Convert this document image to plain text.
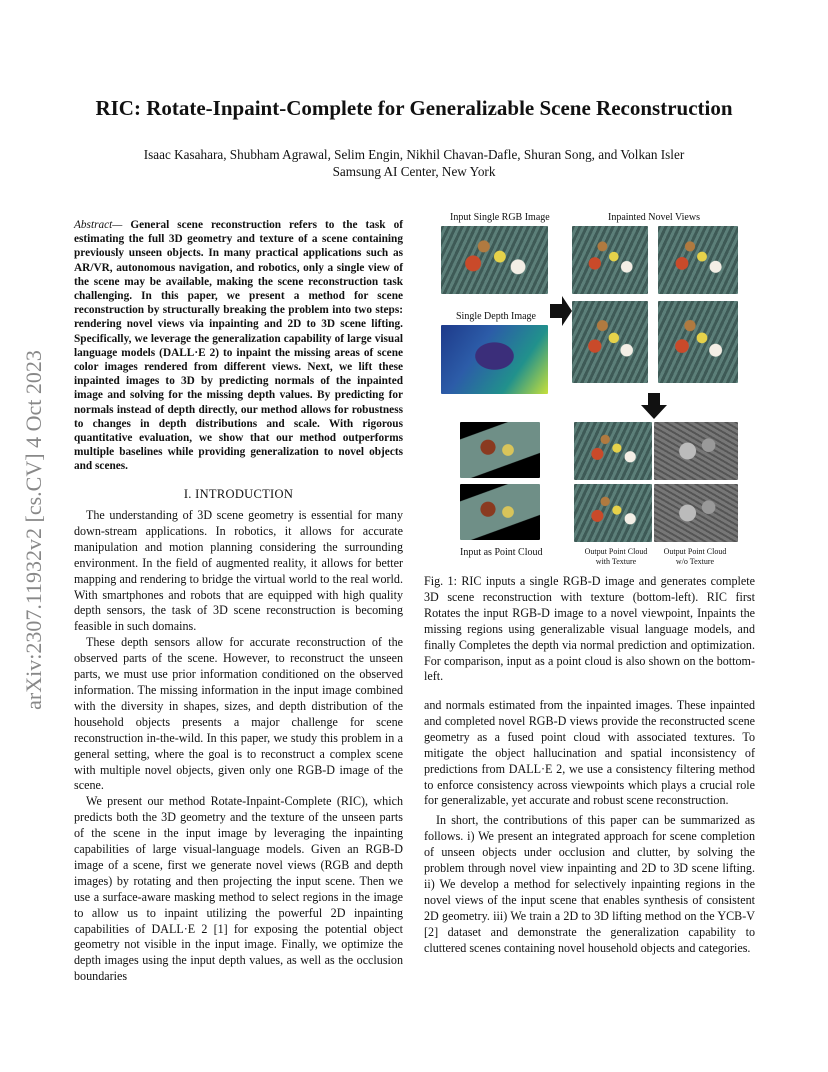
RIC: Rotate-Inpaint-Complete for Generalizable Scene Reconstruction
Isaac Kasahara, Shubham Agrawal, Selim Engin, Nikhil Chavan-Dafle, Shuran Song, and Volkan Isler
Samsung AI Center, New York
arXiv:2307.11932v2 [cs.CV] 4 Oct 2023
Abstract— General scene reconstruction refers to the task of estimating the full 3D geometry and texture of a scene containing previously unseen objects. In many practical applications such as AR/VR, autonomous navigation, and robotics, only a single view of the scene may be available, making the scene reconstruction task challenging. In this paper, we present a method for scene reconstruction by structurally breaking the problem into two steps: rendering novel views via inpainting and 2D to 3D scene lifting. Specifically, we leverage the generalization capability of large visual language models (DALL·E 2) to inpaint the missing areas of scene color images rendered from different views. Next, we lift these inpainted images to 3D by predicting normals of the inpainted image and solving for the missing depth values. By predicting for normals instead of depth directly, our method allows for robustness to changes in depth distributions and scale. With rigorous quantitative evaluation, we show that our method outperforms multiple baselines while providing generalization to novel objects and scenes.
I. INTRODUCTION

The understanding of 3D scene geometry is essential for many down-stream applications. In robotics, it allows for accurate manipulation and motion planning considering the surrounding environment. In the field of augmented reality, it allows for better mapping and rendering to bridge the virtual world to the real world. With smartphones and robots that are equipped with high quality depth sensors, the task of 3D scene reconstruction is becoming feasible in such domains.

These depth sensors allow for accurate reconstruction of the observed parts of the scene. However, to reconstruct the unseen parts, we must use prior information conditioned on the observed information. The missing information in the input image combined with the diversity in shapes, sizes, and depth distribution of the household objects presents a major challenge for scene reconstruction in-the-wild. In this paper, we study this problem in a general setting, where the goal is to reconstruct a complex scene with multiple novel objects, given only one RGB-D image of the scene.

We present our method Rotate-Inpaint-Complete (RIC), which predicts both the 3D geometry and the texture of the unseen parts of the scene in the input image by leveraging the inpainting capabilities of large visual-language models. Given an RGB-D image of a scene, first we generate novel views (RGB and depth images) by rotating and then projecting the input scene. Then we use a surface-aware masking method to select regions in the image to allow us to inpaint utilizing the powerful 2D inpainting capabilities of DALL·E 2 [1] for exposing the potential object geometry not visible in the input image. Finally, we optimize the depth images using the input depth values, as well as the occlusion boundaries

Input Single RGB Image	Inpainted Novel Views
Single Depth Image
Input as Point Cloud	Output Point Cloud
with Texture
Output Point Cloud
w/o Texture
Fig. 1: RIC inputs a single RGB-D image and generates complete 3D scene reconstruction with texture (bottom-left). RIC first Rotates the input RGB-D image to a novel viewpoint, Inpaints the missing regions using generalizable visual language models, and finally Completes the depth via normal prediction and optimization. For comparison, input as a point cloud is also shown on the bottom-left.

and normals estimated from the inpainted images. These inpainted and completed novel RGB-D views provide the reconstructed scene geometry as a fused point cloud with associated textures. To mitigate the object hallucination and spatial inconsistency of predictions from DALL·E 2, we use a consistency filtering method to enforce consistency across viewpoints which plays a crucial role for generalizable, yet accurate and robust scene reconstruction.

In short, the contributions of this paper can be summarized as follows. i) We present an integrated approach for scene completion of unseen objects under occlusion and clutter, by solving the problem through novel view inpainting and 2D to 3D scene lifting. ii) We develop a method for selectively inpainting regions in the novel views of the input scene that enables synthesis of consistent 2D geometry. iii) We train a 2D to 3D lifting method on the YCB-V [2] dataset and demonstrate the generalization capability to cluttered scenes containing novel household objects and categories.
